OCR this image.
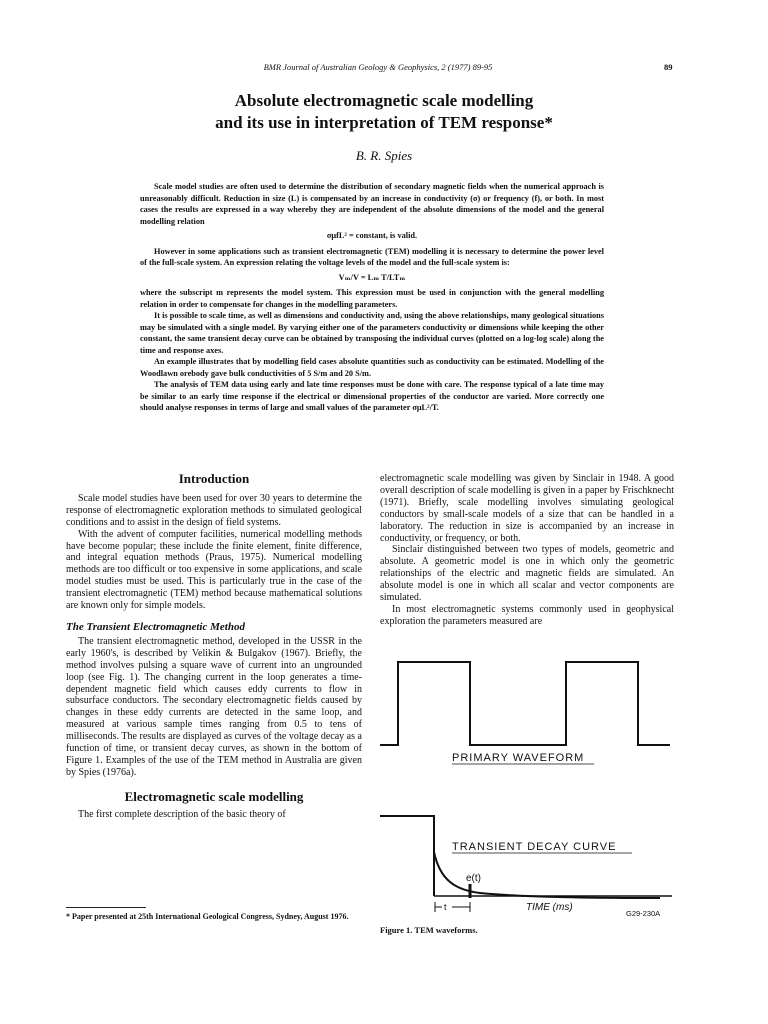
BMR Journal of Australian Geology & Geophysics, 2 (1977) 89-95	89
Absolute electromagnetic scale modelling
and its use in interpretation of TEM response*
B. R. Spies

Scale model studies are often used to determine the distribution of secondary magnetic fields when the numerical approach is unreasonably difficult. Reduction in size (L) is compensated by an increase in conductivity (σ) or frequency (f), or both. In most cases the results are expressed in a way whereby they are independent of the absolute dimensions of the model and the general modelling relation

σμfL² = constant, is valid.

However in some applications such as transient electromagnetic (TEM) modelling it is necessary to determine the power level of the full-scale system. An expression relating the voltage levels of the model and the full-scale system is:

Vₘ/V = Lₘ T/LTₘ

where the subscript m represents the model system. This expression must be used in conjunction with the general modelling relation in order to compensate for changes in the modelling parameters.

It is possible to scale time, as well as dimensions and conductivity and, using the above relationships, many geological situations may be simulated with a single model. By varying either one of the parameters conductivity or dimensions while keeping the other constant, the same transient decay curve can be obtained by transposing the individual curves (plotted on a log-log scale) along the time and response axes.

An example illustrates that by modelling field cases absolute quantities such as conductivity can be estimated. Modelling of the Woodlawn orebody gave bulk conductivities of 5 S/m and 20 S/m.

The analysis of TEM data using early and late time responses must be done with care. The response typical of a late time may be similar to an early time response if the electrical or dimensional properties of the conductor are varied. More correctly one should analyse responses in terms of large and small values of the parameter σμL²/T.

Introduction

Scale model studies have been used for over 30 years to determine the response of electromagnetic exploration methods to simulated geological conditions and to assist in the design of field systems.

With the advent of computer facilities, numerical modelling methods have become popular; these include the finite element, finite difference, and integral equation methods (Praus, 1975). Numerical modelling methods are too difficult or too expensive in some applications, and scale model studies must be used. This is particularly true in the case of the transient electromagnetic (TEM) method because mathematical solutions are known only for simple models.

The Transient Electromagnetic Method

The transient electromagnetic method, developed in the USSR in the early 1960's, is described by Velikin & Bulgakov (1967). Briefly, the method involves pulsing a square wave of current into an ungrounded loop (see Fig. 1). The changing current in the loop generates a time-dependent magnetic field which causes eddy currents to flow in subsurface conductors. The secondary electromagnetic fields caused by changes in these eddy currents are detected in the same loop, and measured at various sample times ranging from 0.5 to tens of milliseconds. The results are displayed as curves of the voltage decay as a function of time, or transient decay curves, as shown in the bottom of Figure 1. Examples of the use of the TEM method in Australia are given by Spies (1976a).

Electromagnetic scale modelling

The first complete description of the basic theory of

* Paper presented at 25th International Geological Congress, Sydney, August 1976.

electromagnetic scale modelling was given by Sinclair in 1948. A good overall description of scale modelling is given in a paper by Frischknecht (1971). Briefly, scale modelling involves simulating geological conductors by small-scale models of a size that can be handled in a laboratory. The reduction in size is accompanied by an increase in conductivity, or frequency, or both.

Sinclair distinguished between two types of models, geometric and absolute. A geometric model is one in which only the geometric relationships of the electric and magnetic fields are simulated. An absolute model is one in which all scalar and vector components are simulated.

In most electromagnetic systems commonly used in geophysical exploration the parameters measured are

PRIMARY WAVEFORM
TRANSIENT DECAY CURVE
e(t)
t	TIME (ms)
G29-230A
Figure 1. TEM waveforms.
